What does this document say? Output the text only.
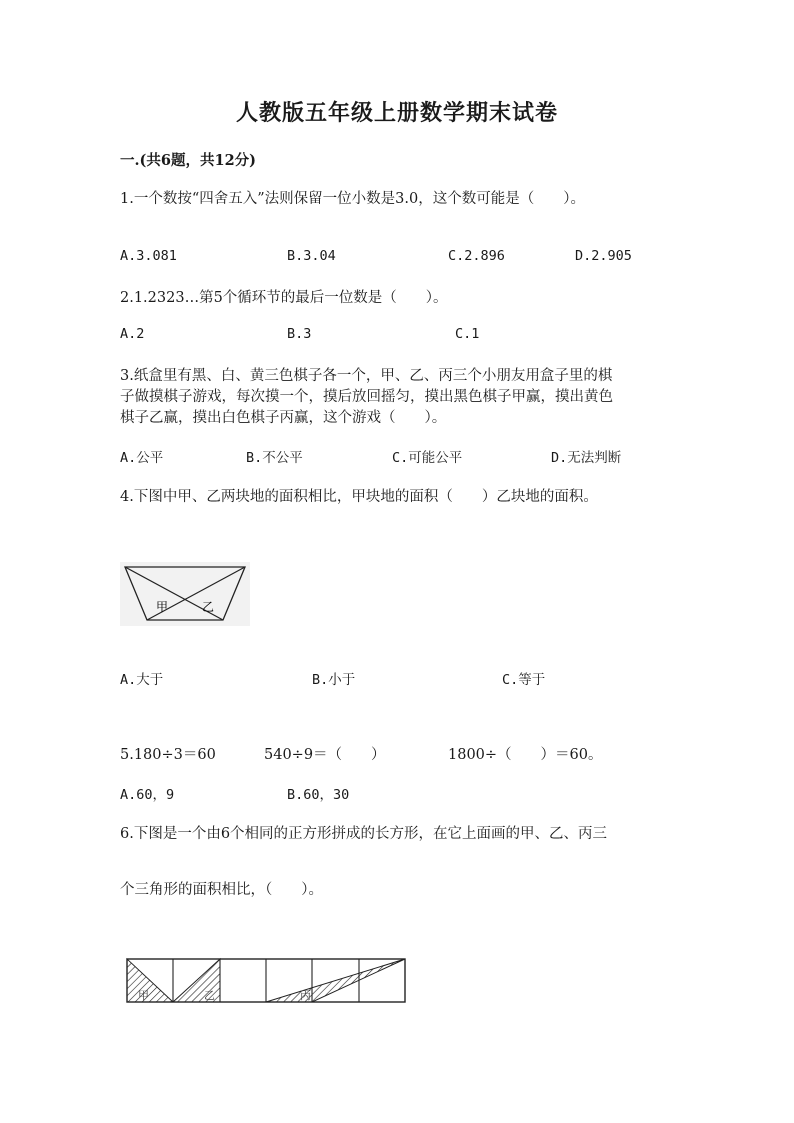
人教版五年级上册数学期末试卷
一.(共6题，共12分)
1.一个数按“四舍五入”法则保留一位小数是3.0，这个数可能是（　　）。
A.3.081	B.3.04	C.2.896	D.2.905
2.1.2323…第5个循环节的最后一位数是（　　）。
A.2	B.3	C.1
3.纸盒里有黑、白、黄三色棋子各一个，甲、乙、丙三个小朋友用盒子里的棋
子做摸棋子游戏，每次摸一个，摸后放回摇匀，摸出黑色棋子甲赢，摸出黄色
棋子乙赢，摸出白色棋子丙赢，这个游戏（　　）。
A.公平	B.不公平	C.可能公平	D.无法判断
4.下图中甲、乙两块地的面积相比，甲块地的面积（　　）乙块地的面积。
甲	乙
A.大于	B.小于	C.等于
5.180÷3＝60	540÷9＝（　　）	1800÷（　　）＝60。
A.60，9	B.60，30
6.下图是一个由6个相同的正方形拼成的长方形，在它上面画的甲、乙、丙三
个三角形的面积相比，（　　）。
甲	乙	丙
